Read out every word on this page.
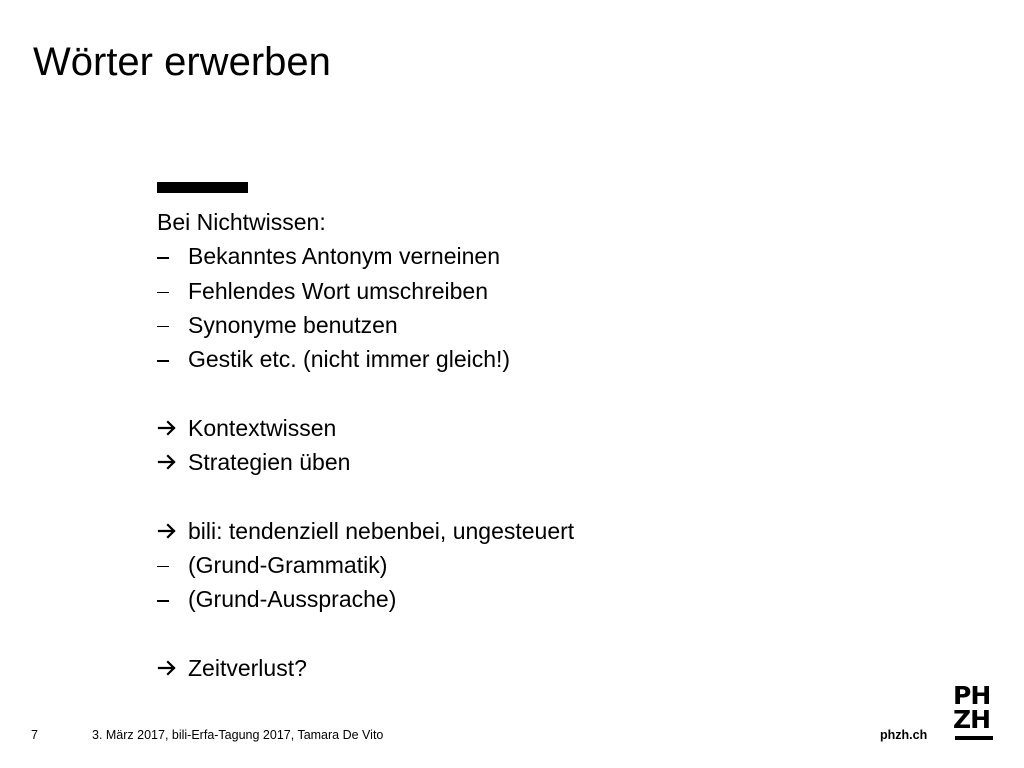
Wörter erwerben
Bei Nichtwissen:
Bekanntes Antonym verneinen
Fehlendes Wort umschreiben
Synonyme benutzen
Gestik etc. (nicht immer gleich!)
Kontextwissen
Strategien üben
bili: tendenziell nebenbei, ungesteuert
(Grund-Grammatik)
(Grund-Aussprache)
Zeitverlust?
7	3. März 2017, bili-Erfa-Tagung 2017, Tamara De Vito	phzh.ch
PH
ZH
